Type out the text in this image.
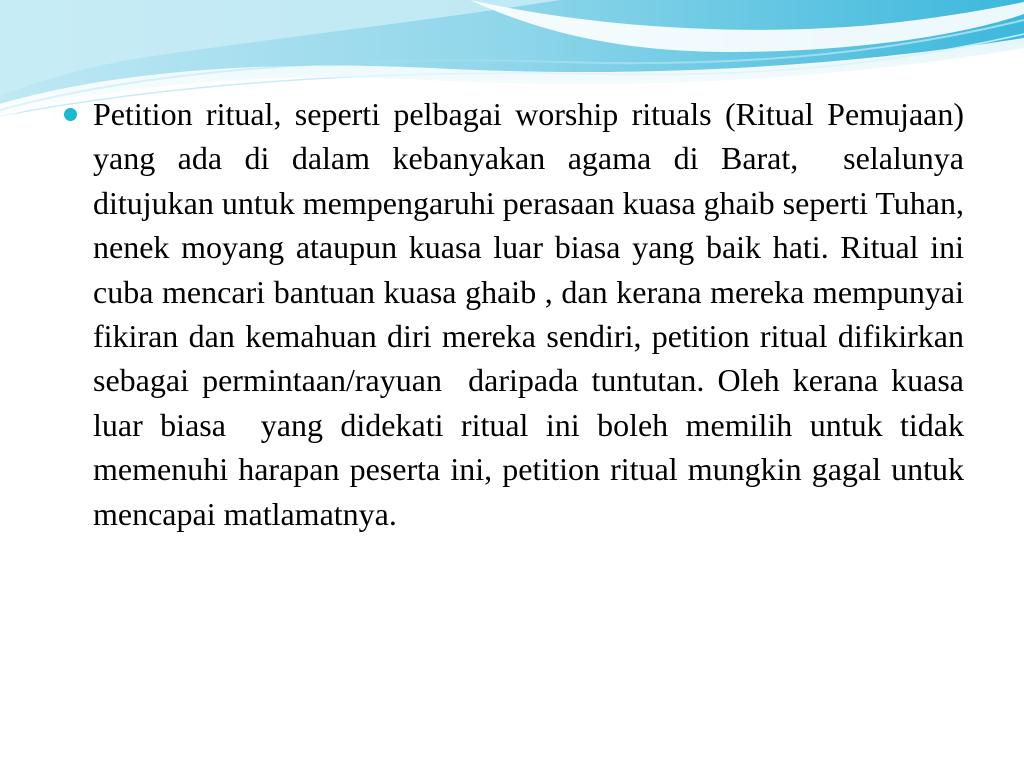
Petition ritual, seperti pelbagai worship rituals (Ritual Pemujaan) yang ada di dalam kebanyakan agama di Barat,  selalunya  ditujukan untuk mempengaruhi perasaan kuasa ghaib seperti Tuhan, nenek moyang ataupun kuasa luar biasa yang baik hati. Ritual ini cuba mencari bantuan kuasa ghaib , dan kerana mereka mempunyai fikiran dan kemahuan diri mereka sendiri, petition ritual difikirkan sebagai permintaan/rayuan  daripada tuntutan. Oleh kerana kuasa luar biasa  yang didekati ritual ini boleh memilih untuk tidak memenuhi harapan peserta ini, petition ritual mungkin gagal untuk mencapai matlamatnya.
